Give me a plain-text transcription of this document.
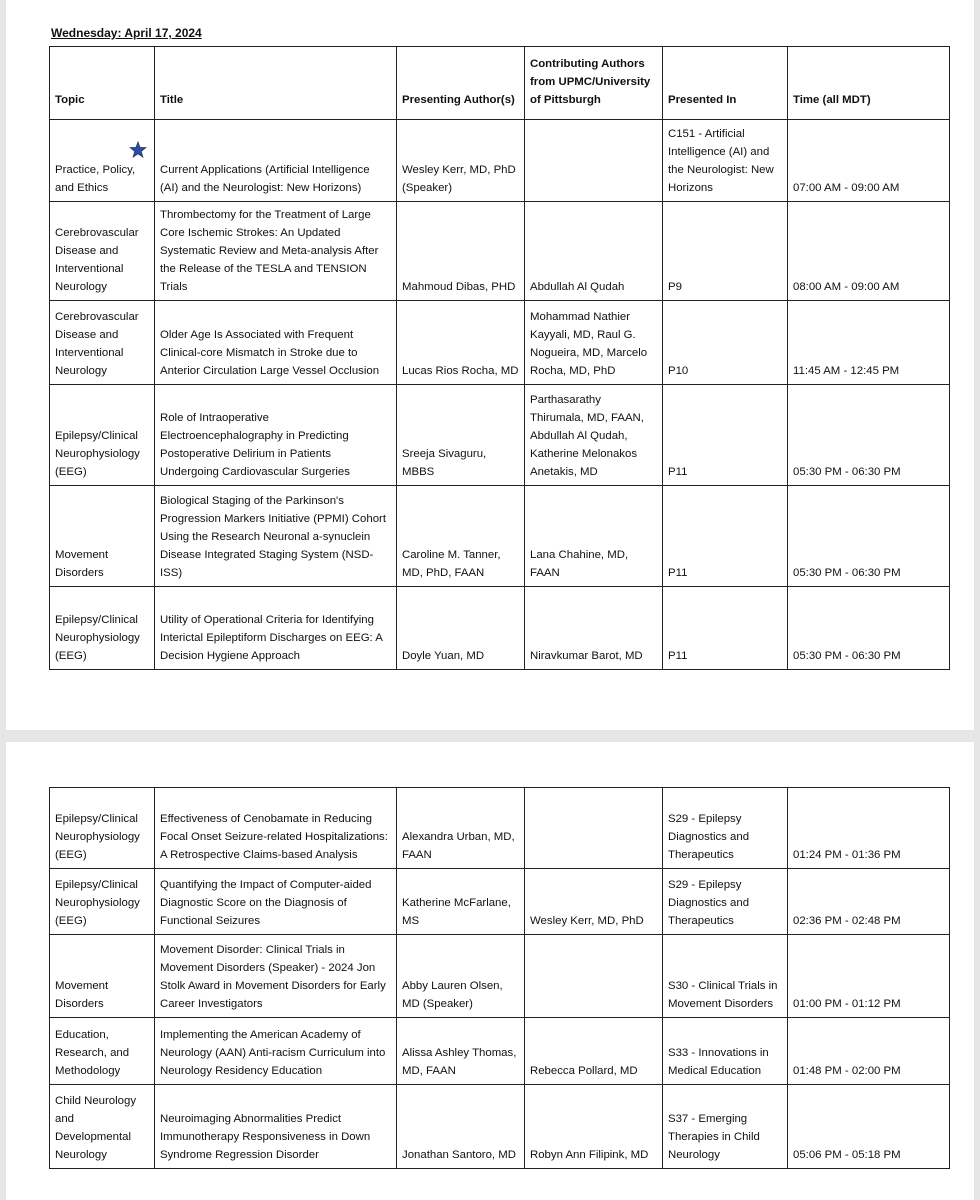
Wednesday: April 17, 2024
Topic	Title	Presenting Author(s)	Contributing Authors from UPMC/University of Pittsburgh	Presented In	Time (all MDT)

Practice, Policy, and Ethics	Current Applications (Artificial Intelligence (AI) and the Neurologist: New Horizons)	Wesley Kerr, MD, PhD (Speaker)		C151 - Artificial Intelligence (AI) and the Neurologist: New Horizons	07:00 AM - 09:00 AM
Cerebrovascular Disease and Interventional Neurology	Thrombectomy for the Treatment of Large Core Ischemic Strokes: An Updated Systematic Review and Meta-analysis After the Release of the TESLA and TENSION Trials	Mahmoud Dibas, PHD	Abdullah Al Qudah	P9	08:00 AM - 09:00 AM
Cerebrovascular Disease and Interventional Neurology	Older Age Is Associated with Frequent Clinical-core Mismatch in Stroke due to Anterior Circulation Large Vessel Occlusion	Lucas Rios Rocha, MD	Mohammad Nathier Kayyali, MD, Raul G. Nogueira, MD, Marcelo Rocha, MD, PhD	P10	11:45 AM - 12:45 PM
Epilepsy/Clinical Neurophysiology (EEG)	Role of Intraoperative Electroencephalography in Predicting Postoperative Delirium in Patients Undergoing Cardiovascular Surgeries	Sreeja Sivaguru, MBBS	Parthasarathy Thirumala, MD, FAAN, Abdullah Al Qudah, Katherine Melonakos Anetakis, MD	P11	05:30 PM - 06:30 PM
Movement Disorders	Biological Staging of the Parkinson's Progression Markers Initiative (PPMI) Cohort Using the Research Neuronal a-synuclein Disease Integrated Staging System (NSD-ISS)	Caroline M. Tanner, MD, PhD, FAAN	Lana Chahine, MD, FAAN	P11	05:30 PM - 06:30 PM
Epilepsy/Clinical Neurophysiology (EEG)	Utility of Operational Criteria for Identifying Interictal Epileptiform Discharges on EEG: A Decision Hygiene Approach	Doyle Yuan, MD	Niravkumar Barot, MD	P11	05:30 PM - 06:30 PM
Epilepsy/Clinical Neurophysiology (EEG)	Effectiveness of Cenobamate in Reducing Focal Onset Seizure-related Hospitalizations: A Retrospective Claims-based Analysis	Alexandra Urban, MD, FAAN		S29 - Epilepsy Diagnostics and Therapeutics	01:24 PM - 01:36 PM
Epilepsy/Clinical Neurophysiology (EEG)	Quantifying the Impact of Computer-aided Diagnostic Score on the Diagnosis of Functional Seizures	Katherine McFarlane, MS	Wesley Kerr, MD, PhD	S29 - Epilepsy Diagnostics and Therapeutics	02:36 PM - 02:48 PM
Movement Disorders	Movement Disorder: Clinical Trials in Movement Disorders (Speaker) - 2024 Jon Stolk Award in Movement Disorders for Early Career Investigators	Abby Lauren Olsen, MD (Speaker)		S30 - Clinical Trials in Movement Disorders	01:00 PM - 01:12 PM
Education, Research, and Methodology	Implementing the American Academy of Neurology (AAN) Anti-racism Curriculum into Neurology Residency Education	Alissa Ashley Thomas, MD, FAAN	Rebecca Pollard, MD	S33 - Innovations in Medical Education	01:48 PM - 02:00 PM
Child Neurology and Developmental Neurology	Neuroimaging Abnormalities Predict Immunotherapy Responsiveness in Down Syndrome Regression Disorder	Jonathan Santoro, MD	Robyn Ann Filipink, MD	S37 - Emerging Therapies in Child Neurology	05:06 PM - 05:18 PM
